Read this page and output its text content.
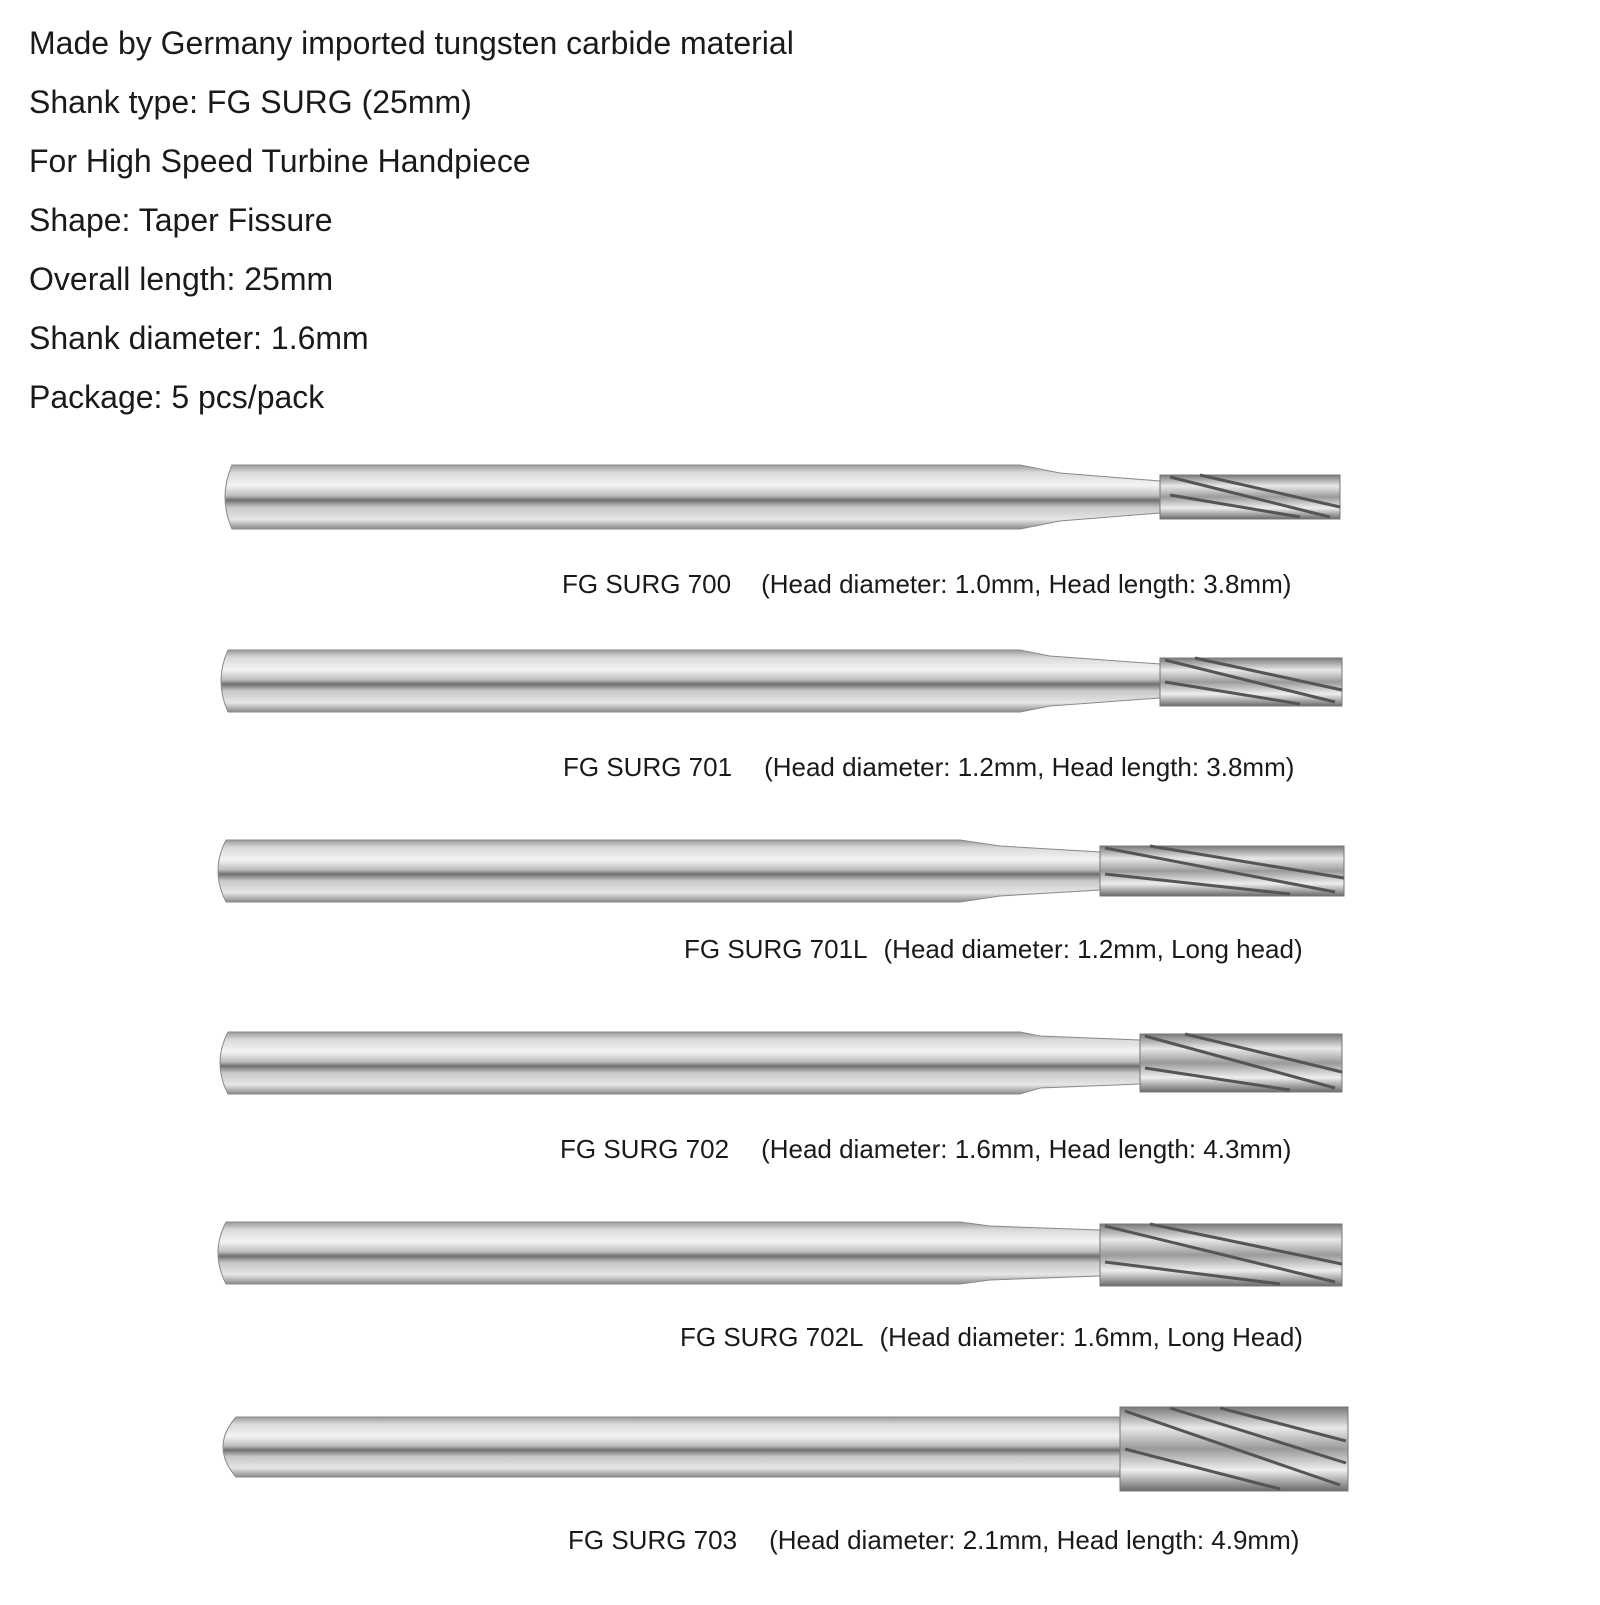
Made by Germany imported tungsten carbide material
Shank type: FG SURG (25mm)
For High Speed Turbine Handpiece
Shape: Taper Fissure
Overall length: 25mm
Shank diameter: 1.6mm
Package: 5 pcs/pack
FG SURG 700 (Head diameter: 1.0mm, Head length: 3.8mm)
FG SURG 701 (Head diameter: 1.2mm, Head length: 3.8mm)
FG SURG 701L (Head diameter: 1.2mm, Long head)
FG SURG 702 (Head diameter: 1.6mm, Head length: 4.3mm)
FG SURG 702L (Head diameter: 1.6mm, Long Head)
FG SURG 703 (Head diameter: 2.1mm, Head length: 4.9mm)
